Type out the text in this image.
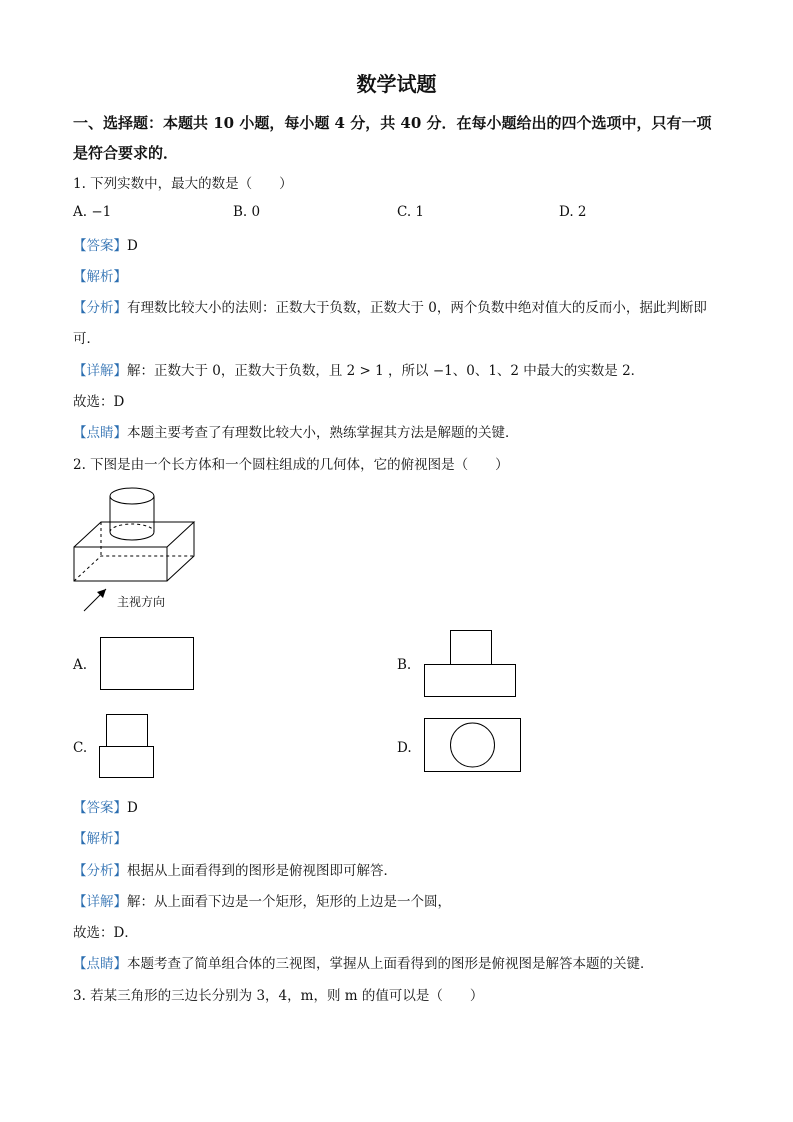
数学试题
一、选择题：本题共 10 小题，每小题 4 分，共 40 分．在每小题给出的四个选项中，只有一项是符合要求的．
1. 下列实数中，最大的数是（　　）
A. −1	B. 0	C. 1	D. 2
【答案】D
【解析】
【分析】有理数比较大小的法则：正数大于负数，正数大于 0，两个负数中绝对值大的反而小，据此判断即
可．
【详解】解：正数大于 0，正数大于负数，且 2 > 1 ，所以 −1、0、1、2 中最大的实数是 2．
故选：D
【点睛】本题主要考查了有理数比较大小，熟练掌握其方法是解题的关键．
2. 下图是由一个长方体和一个圆柱组成的几何体，它的俯视图是（　　）
主视方向
A.	B.
C.	D.
【答案】D
【解析】
【分析】根据从上面看得到的图形是俯视图即可解答．
【详解】解：从上面看下边是一个矩形，矩形的上边是一个圆，
故选：D．
【点睛】本题考查了简单组合体的三视图，掌握从上面看得到的图形是俯视图是解答本题的关键．
3. 若某三角形的三边长分别为 3，4，m，则 m 的值可以是（　　）
